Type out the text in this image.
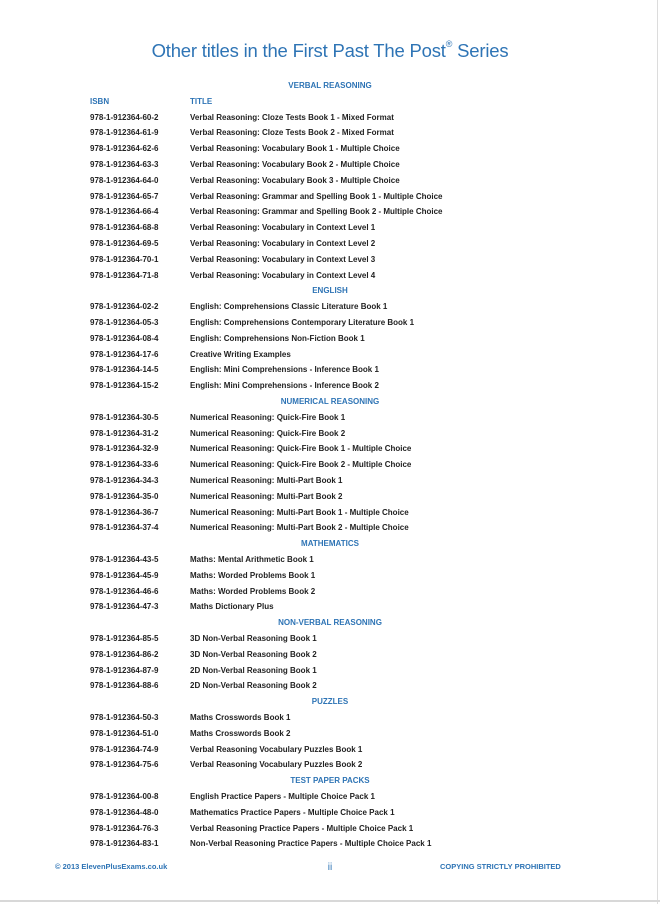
Other titles in the First Past The Post® Series
VERBAL REASONING
ISBN	TITLE
978-1-912364-60-2	Verbal Reasoning: Cloze Tests Book 1 - Mixed Format
978-1-912364-61-9	Verbal Reasoning: Cloze Tests Book 2 - Mixed Format
978-1-912364-62-6	Verbal Reasoning: Vocabulary Book 1 - Multiple Choice
978-1-912364-63-3	Verbal Reasoning: Vocabulary Book 2 - Multiple Choice
978-1-912364-64-0	Verbal Reasoning: Vocabulary Book 3 - Multiple Choice
978-1-912364-65-7	Verbal Reasoning: Grammar and Spelling Book 1 - Multiple Choice
978-1-912364-66-4	Verbal Reasoning: Grammar and Spelling Book 2 - Multiple Choice
978-1-912364-68-8	Verbal Reasoning: Vocabulary in Context Level 1
978-1-912364-69-5	Verbal Reasoning: Vocabulary in Context Level 2
978-1-912364-70-1	Verbal Reasoning: Vocabulary in Context Level 3
978-1-912364-71-8	Verbal Reasoning: Vocabulary in Context Level 4
ENGLISH
978-1-912364-02-2	English: Comprehensions Classic Literature Book 1
978-1-912364-05-3	English: Comprehensions Contemporary Literature Book 1
978-1-912364-08-4	English: Comprehensions Non-Fiction Book 1
978-1-912364-17-6	Creative Writing Examples
978-1-912364-14-5	English: Mini Comprehensions - Inference Book 1
978-1-912364-15-2	English: Mini Comprehensions - Inference Book 2
NUMERICAL REASONING
978-1-912364-30-5	Numerical Reasoning: Quick-Fire Book 1
978-1-912364-31-2	Numerical Reasoning: Quick-Fire Book 2
978-1-912364-32-9	Numerical Reasoning: Quick-Fire Book 1 - Multiple Choice
978-1-912364-33-6	Numerical Reasoning: Quick-Fire Book 2 - Multiple Choice
978-1-912364-34-3	Numerical Reasoning: Multi-Part Book 1
978-1-912364-35-0	Numerical Reasoning: Multi-Part Book 2
978-1-912364-36-7	Numerical Reasoning: Multi-Part Book 1 - Multiple Choice
978-1-912364-37-4	Numerical Reasoning: Multi-Part Book 2 - Multiple Choice
MATHEMATICS
978-1-912364-43-5	Maths: Mental Arithmetic Book 1
978-1-912364-45-9	Maths: Worded Problems Book 1
978-1-912364-46-6	Maths: Worded Problems Book 2
978-1-912364-47-3	Maths Dictionary Plus
NON-VERBAL REASONING
978-1-912364-85-5	3D Non-Verbal Reasoning Book 1
978-1-912364-86-2	3D Non-Verbal Reasoning Book 2
978-1-912364-87-9	2D Non-Verbal Reasoning Book 1
978-1-912364-88-6	2D Non-Verbal Reasoning Book 2
PUZZLES
978-1-912364-50-3	Maths Crosswords Book 1
978-1-912364-51-0	Maths Crosswords Book 2
978-1-912364-74-9	Verbal Reasoning Vocabulary Puzzles Book 1
978-1-912364-75-6	Verbal Reasoning Vocabulary Puzzles Book 2
TEST PAPER PACKS
978-1-912364-00-8	English Practice Papers - Multiple Choice Pack 1
978-1-912364-48-0	Mathematics Practice Papers - Multiple Choice Pack 1
978-1-912364-76-3	Verbal Reasoning Practice Papers - Multiple Choice Pack 1
978-1-912364-83-1	Non-Verbal Reasoning Practice Papers - Multiple Choice Pack 1
© 2013 ElevenPlusExams.co.uk	ii	COPYING STRICTLY PROHIBITED
